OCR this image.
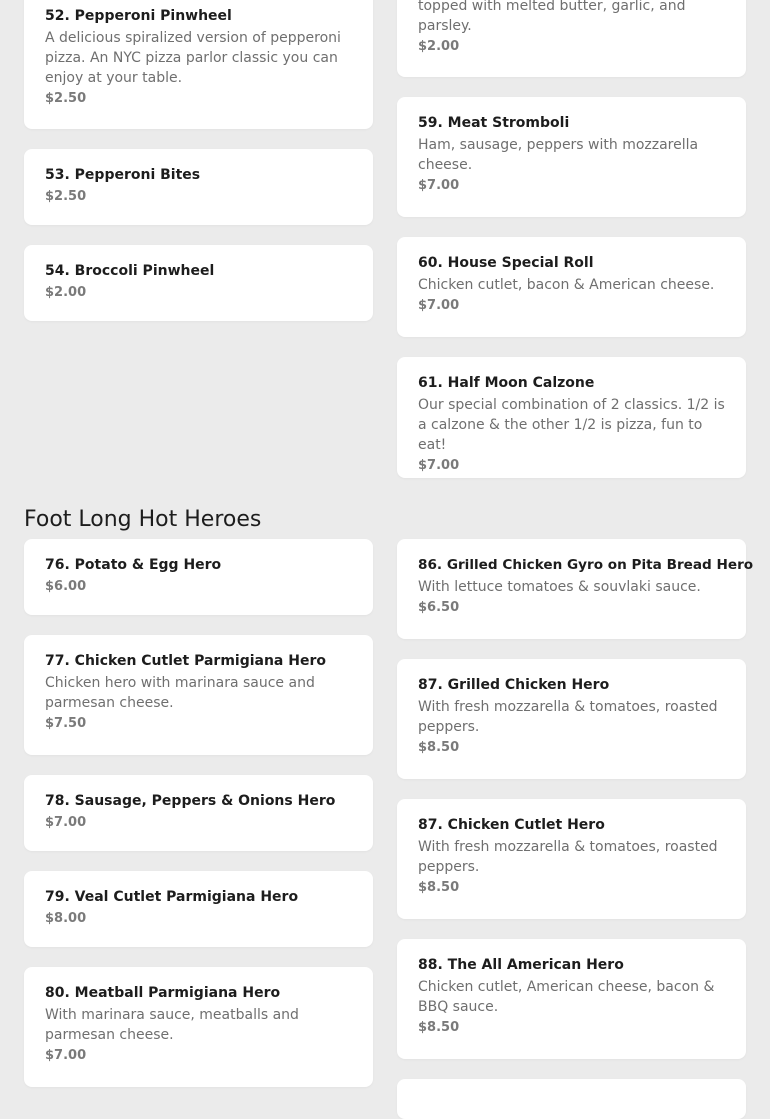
52. Pepperoni Pinwheel
A delicious spiralized version of pepperoni pizza. An NYC pizza parlor classic you can enjoy at your table.
$2.50
53. Pepperoni Bites
$2.50
54. Broccoli Pinwheel
$2.00
topped with melted butter, garlic, and parsley.
$2.00
59. Meat Stromboli
Ham, sausage, peppers with mozzarella cheese.
$7.00
60. House Special Roll
Chicken cutlet, bacon & American cheese.
$7.00
61. Half Moon Calzone
Our special combination of 2 classics. 1/2 is a calzone & the other 1/2 is pizza, fun to eat!
$7.00
Foot Long Hot Heroes
76. Potato & Egg Hero
$6.00
77. Chicken Cutlet Parmigiana Hero
Chicken hero with marinara sauce and parmesan cheese.
$7.50
78. Sausage, Peppers & Onions Hero
$7.00
79. Veal Cutlet Parmigiana Hero
$8.00
80. Meatball Parmigiana Hero
With marinara sauce, meatballs and parmesan cheese.
$7.00
86. Grilled Chicken Gyro on Pita Bread Hero
With lettuce tomatoes & souvlaki sauce.
$6.50
87. Grilled Chicken Hero
With fresh mozzarella & tomatoes, roasted peppers.
$8.50
87. Chicken Cutlet Hero
With fresh mozzarella & tomatoes, roasted peppers.
$8.50
88. The All American Hero
Chicken cutlet, American cheese, bacon & BBQ sauce.
$8.50
